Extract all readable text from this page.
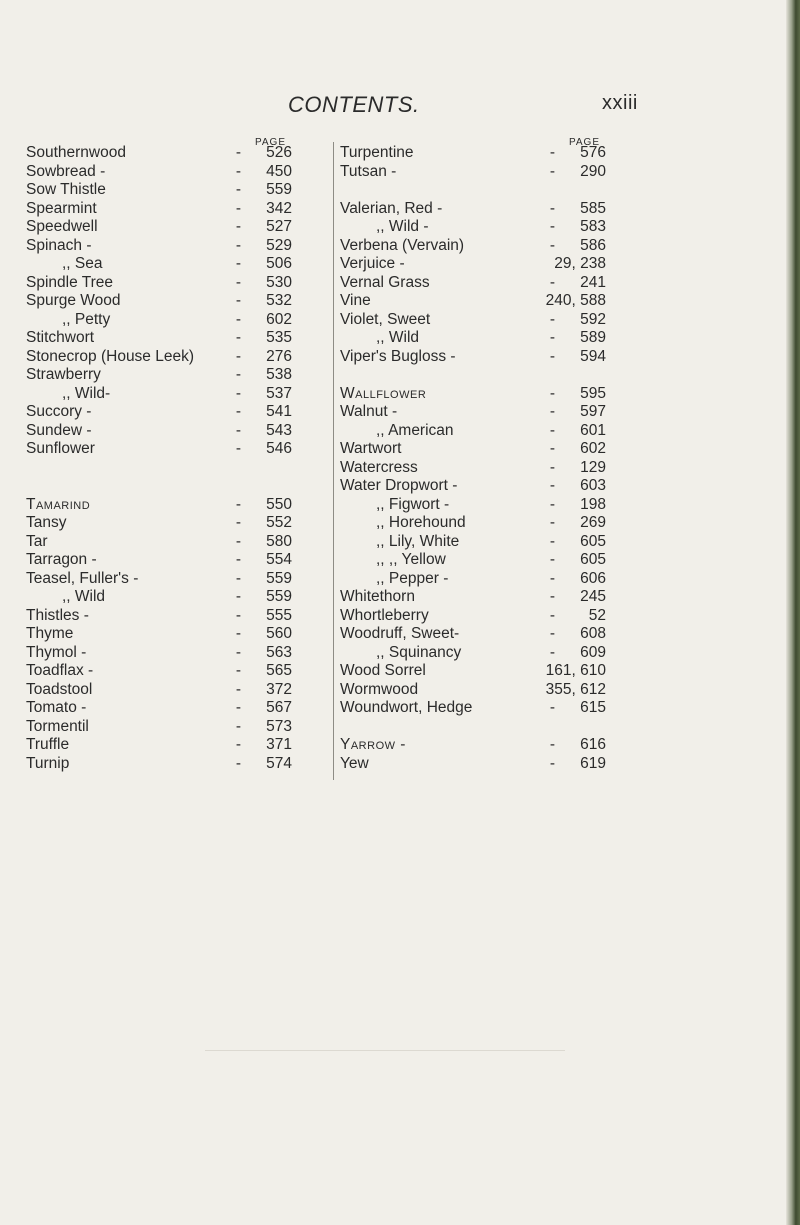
CONTENTS.	xxiii
PAGE
Southernwood	- 526
Sowbread -	- 450
Sow Thistle	- 559
Spearmint	- 342
Speedwell	- 527
Spinach -	- 529
,, Sea	- 506
Spindle Tree	- 530
Spurge Wood	- 532
,, Petty	- 602
Stitchwort	- 535
Stonecrop (House Leek)	- 276
Strawberry	- 538
,, Wild-	- 537
Succory -	- 541
Sundew -	- 543
Sunflower	- 546
Tamarind	- 550
Tansy	- 552
Tar	- 580
Tarragon -	- 554
Teasel, Fuller's -	- 559
,, Wild	- 559
Thistles -	- 555
Thyme	- 560
Thymol -	- 563
Toadflax -	- 565
Toadstool	- 372
Tomato -	- 567
Tormentil	- 573
Truffle	- 371
Turnip	- 574
PAGE
Turpentine	- 576
Tutsan -	- 290
Valerian, Red -	- 585
,, Wild -	- 583
Verbena (Vervain)	- 586
Verjuice -	29, 238
Vernal Grass	- 241
Vine	240, 588
Violet, Sweet	- 592
,, Wild	- 589
Viper's Bugloss -	- 594
Wallflower	- 595
Walnut -	- 597
,, American	- 601
Wartwort	- 602
Watercress	- 129
Water Dropwort -	- 603
,, Figwort -	- 198
,, Horehound	- 269
,, Lily, White	- 605
,, ,, Yellow	- 605
,, Pepper -	- 606
Whitethorn	- 245
Whortleberry	- 52
Woodruff, Sweet-	- 608
,, Squinancy	- 609
Wood Sorrel	161, 610
Wormwood	355, 612
Woundwort, Hedge	- 615
Yarrow -	- 616
Yew	- 619
